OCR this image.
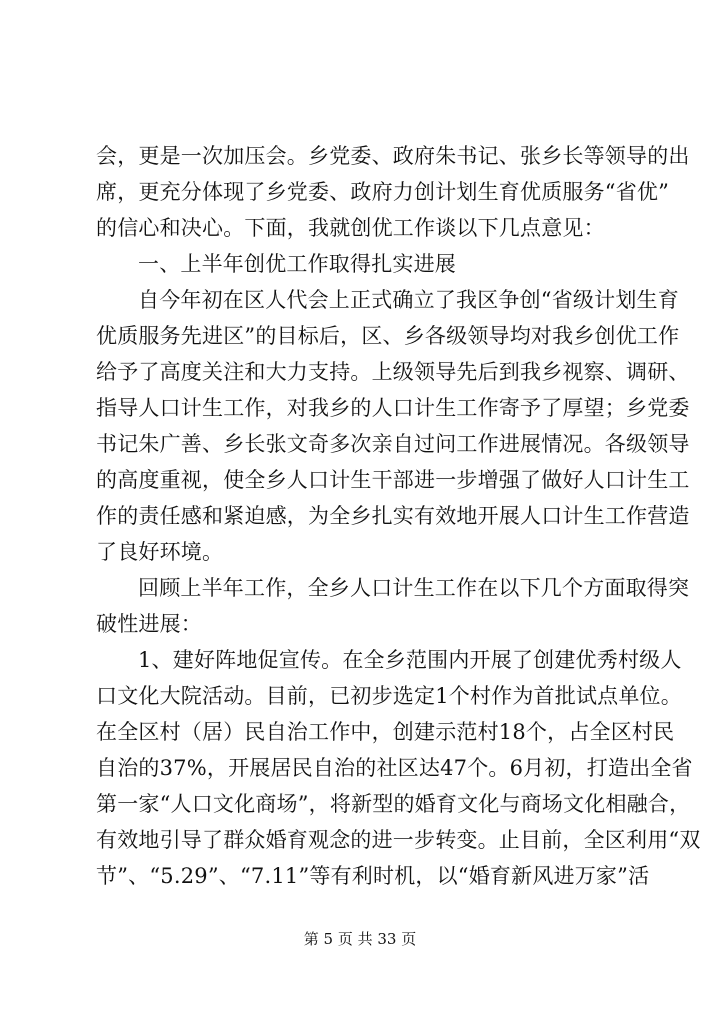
会，更是一次加压会。乡党委、政府朱书记、张乡长等领导的出
席，更充分体现了乡党委、政府力创计划生育优质服务“省优”
的信心和决心。下面，我就创优工作谈以下几点意见：
一、上半年创优工作取得扎实进展
自今年初在区人代会上正式确立了我区争创“省级计划生育
优质服务先进区”的目标后，区、乡各级领导均对我乡创优工作
给予了高度关注和大力支持。上级领导先后到我乡视察、调研、
指导人口计生工作，对我乡的人口计生工作寄予了厚望；乡党委
书记朱广善、乡长张文奇多次亲自过问工作进展情况。各级领导
的高度重视，使全乡人口计生干部进一步增强了做好人口计生工
作的责任感和紧迫感，为全乡扎实有效地开展人口计生工作营造
了良好环境。
回顾上半年工作，全乡人口计生工作在以下几个方面取得突
破性进展：
1、建好阵地促宣传。在全乡范围内开展了创建优秀村级人
口文化大院活动。目前，已初步选定1个村作为首批试点单位。
在全区村（居）民自治工作中，创建示范村18个，占全区村民
自治的37%，开展居民自治的社区达47个。6月初，打造出全省
第一家“人口文化商场”，将新型的婚育文化与商场文化相融合，
有效地引导了群众婚育观念的进一步转变。止目前，全区利用“双
节”、“5.29”、“7.11”等有利时机，以“婚育新风进万家”活
第 5 页 共 33 页
